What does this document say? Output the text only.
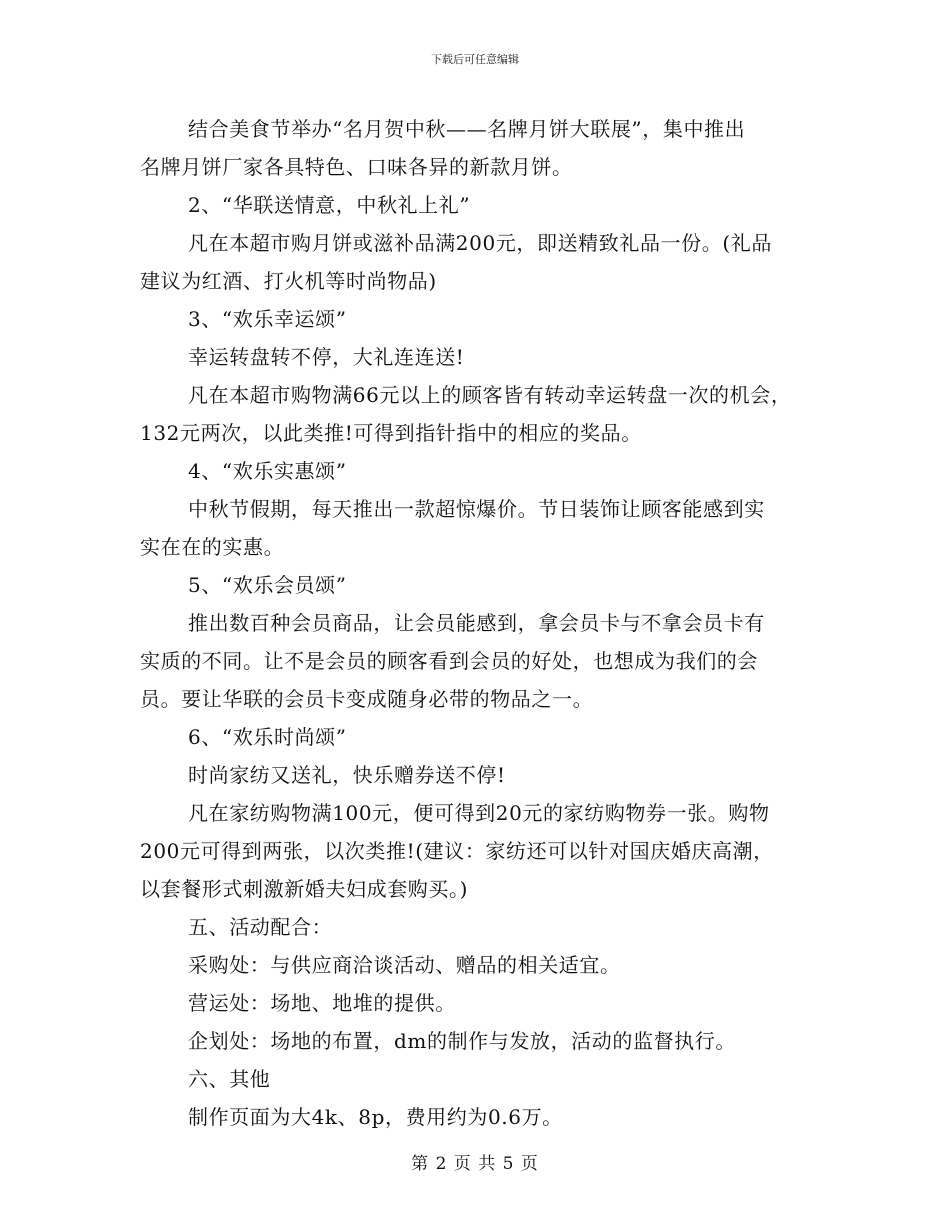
下载后可任意编辑
结合美食节举办“名月贺中秋——名牌月饼大联展”，集中推出
名牌月饼厂家各具特色、口味各异的新款月饼。
2、“华联送情意，中秋礼上礼”
凡在本超市购月饼或滋补品满200元，即送精致礼品一份。(礼品
建议为红酒、打火机等时尚物品)
3、“欢乐幸运颂”
幸运转盘转不停，大礼连连送!
凡在本超市购物满66元以上的顾客皆有转动幸运转盘一次的机会，
132元两次，以此类推!可得到指针指中的相应的奖品。
4、“欢乐实惠颂”
中秋节假期，每天推出一款超惊爆价。节日装饰让顾客能感到实
实在在的实惠。
5、“欢乐会员颂”
推出数百种会员商品，让会员能感到，拿会员卡与不拿会员卡有
实质的不同。让不是会员的顾客看到会员的好处，也想成为我们的会
员。要让华联的会员卡变成随身必带的物品之一。
6、“欢乐时尚颂”
时尚家纺又送礼，快乐赠券送不停!
凡在家纺购物满100元，便可得到20元的家纺购物券一张。购物
200元可得到两张，以次类推!(建议：家纺还可以针对国庆婚庆高潮，
以套餐形式刺激新婚夫妇成套购买。)
五、活动配合：
采购处：与供应商洽谈活动、赠品的相关适宜。
营运处：场地、地堆的提供。
企划处：场地的布置，dm的制作与发放，活动的监督执行。
六、其他
制作页面为大4k、8p，费用约为0.6万。
第 2 页 共 5 页
